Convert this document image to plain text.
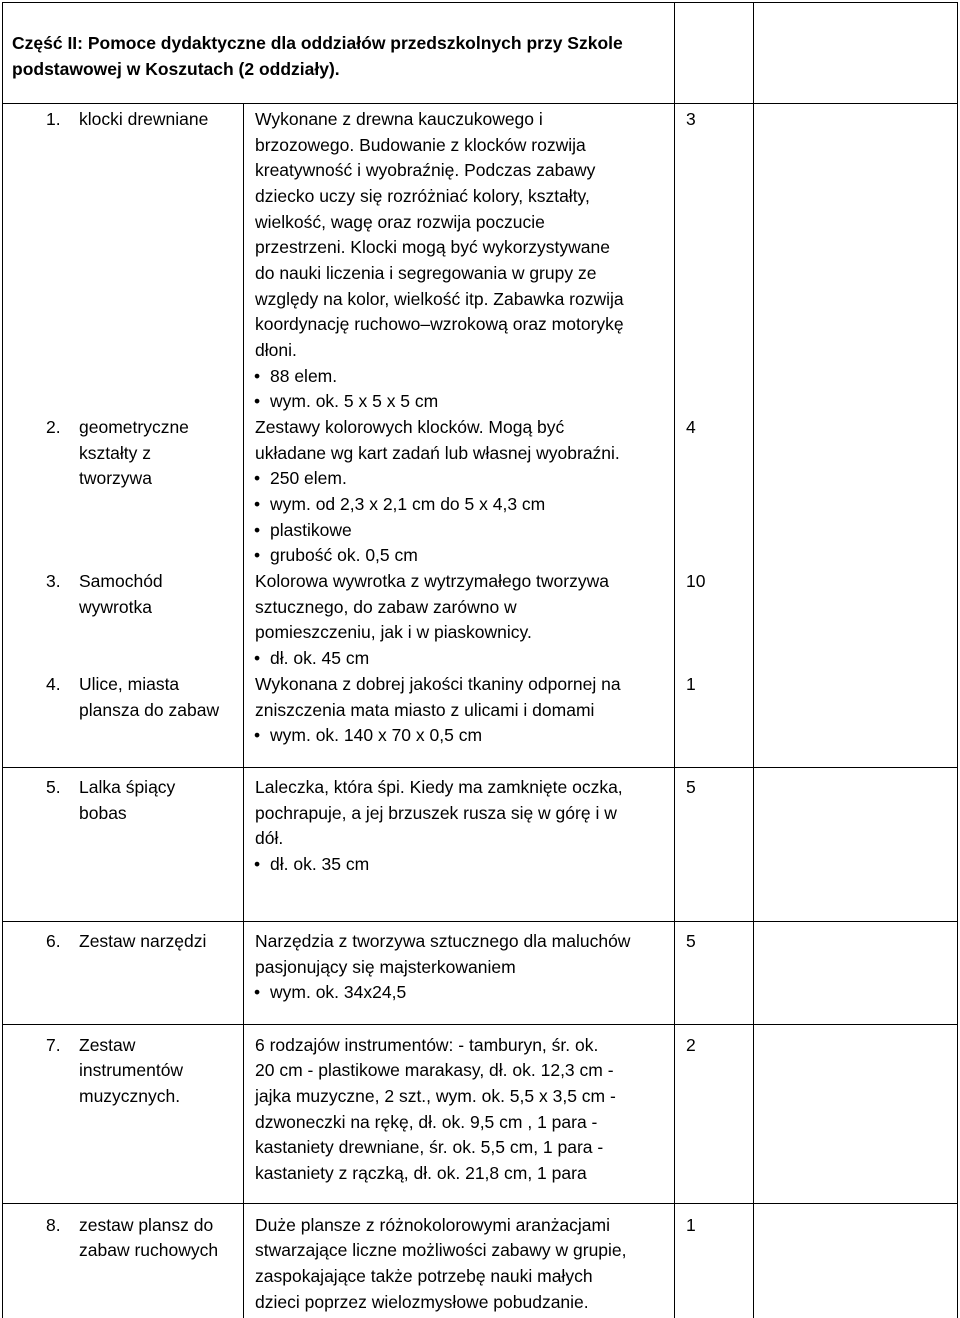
Część II: Pomoce dydaktyczne dla oddziałów przedszkolnych przy Szkole
podstawowej w Koszutach (2 oddziały).
1. klocki drewniane	Wykonane z drewna kauczukowego i
brzozowego. Budowanie z klocków rozwija
kreatywność i wyobraźnię. Podczas zabawy
dziecko uczy się rozróżniać kolory, kształty,
wielkość, wagę oraz rozwija poczucie
przestrzeni. Klocki mogą być wykorzystywane
do nauki liczenia i segregowania w grupy ze
względy na kolor, wielkość itp. Zabawka rozwija
koordynację ruchowo–wzrokową oraz motorykę
dłoni.
• 88 elem.
• wym. ok. 5 x 5 x 5 cm
3
2. geometryczne
kształty z
tworzywa
Zestawy kolorowych klocków. Mogą być
układane wg kart zadań lub własnej wyobraźni.
• 250 elem.
• wym. od 2,3 x 2,1 cm do 5 x 4,3 cm
• plastikowe
• grubość ok. 0,5 cm
4
3. Samochód
wywrotka
Kolorowa wywrotka z wytrzymałego tworzywa
sztucznego, do zabaw zarówno w
pomieszczeniu, jak i w piaskownicy.
• dł. ok. 45 cm
10
4. Ulice, miasta
plansza do zabaw
Wykonana z dobrej jakości tkaniny odpornej na
zniszczenia mata miasto z ulicami i domami
• wym. ok. 140 x 70 x 0,5 cm
1
5. Lalka śpiący
bobas
Laleczka, która śpi. Kiedy ma zamknięte oczka,
pochrapuje, a jej brzuszek rusza się w górę i w
dół.
• dł. ok. 35 cm
5
6. Zestaw narzędzi	Narzędzia z tworzywa sztucznego dla maluchów
pasjonujący się majsterkowaniem
• wym. ok. 34x24,5
5
7. Zestaw
instrumentów
muzycznych.
6 rodzajów instrumentów: - tamburyn, śr. ok.
20 cm - plastikowe marakasy, dł. ok. 12,3 cm -
jajka muzyczne, 2 szt., wym. ok. 5,5 x 3,5 cm -
dzwoneczki na rękę, dł. ok. 9,5 cm , 1 para -
kastaniety drewniane, śr. ok. 5,5 cm, 1 para -
kastaniety z rączką, dł. ok. 21,8 cm, 1 para
2
8. zestaw plansz do
zabaw ruchowych
Duże plansze z różnokolorowymi aranżacjami
stwarzające liczne możliwości zabawy w grupie,
zaspokajające także potrzebę nauki małych
dzieci poprzez wielozmysłowe pobudzanie.
1
